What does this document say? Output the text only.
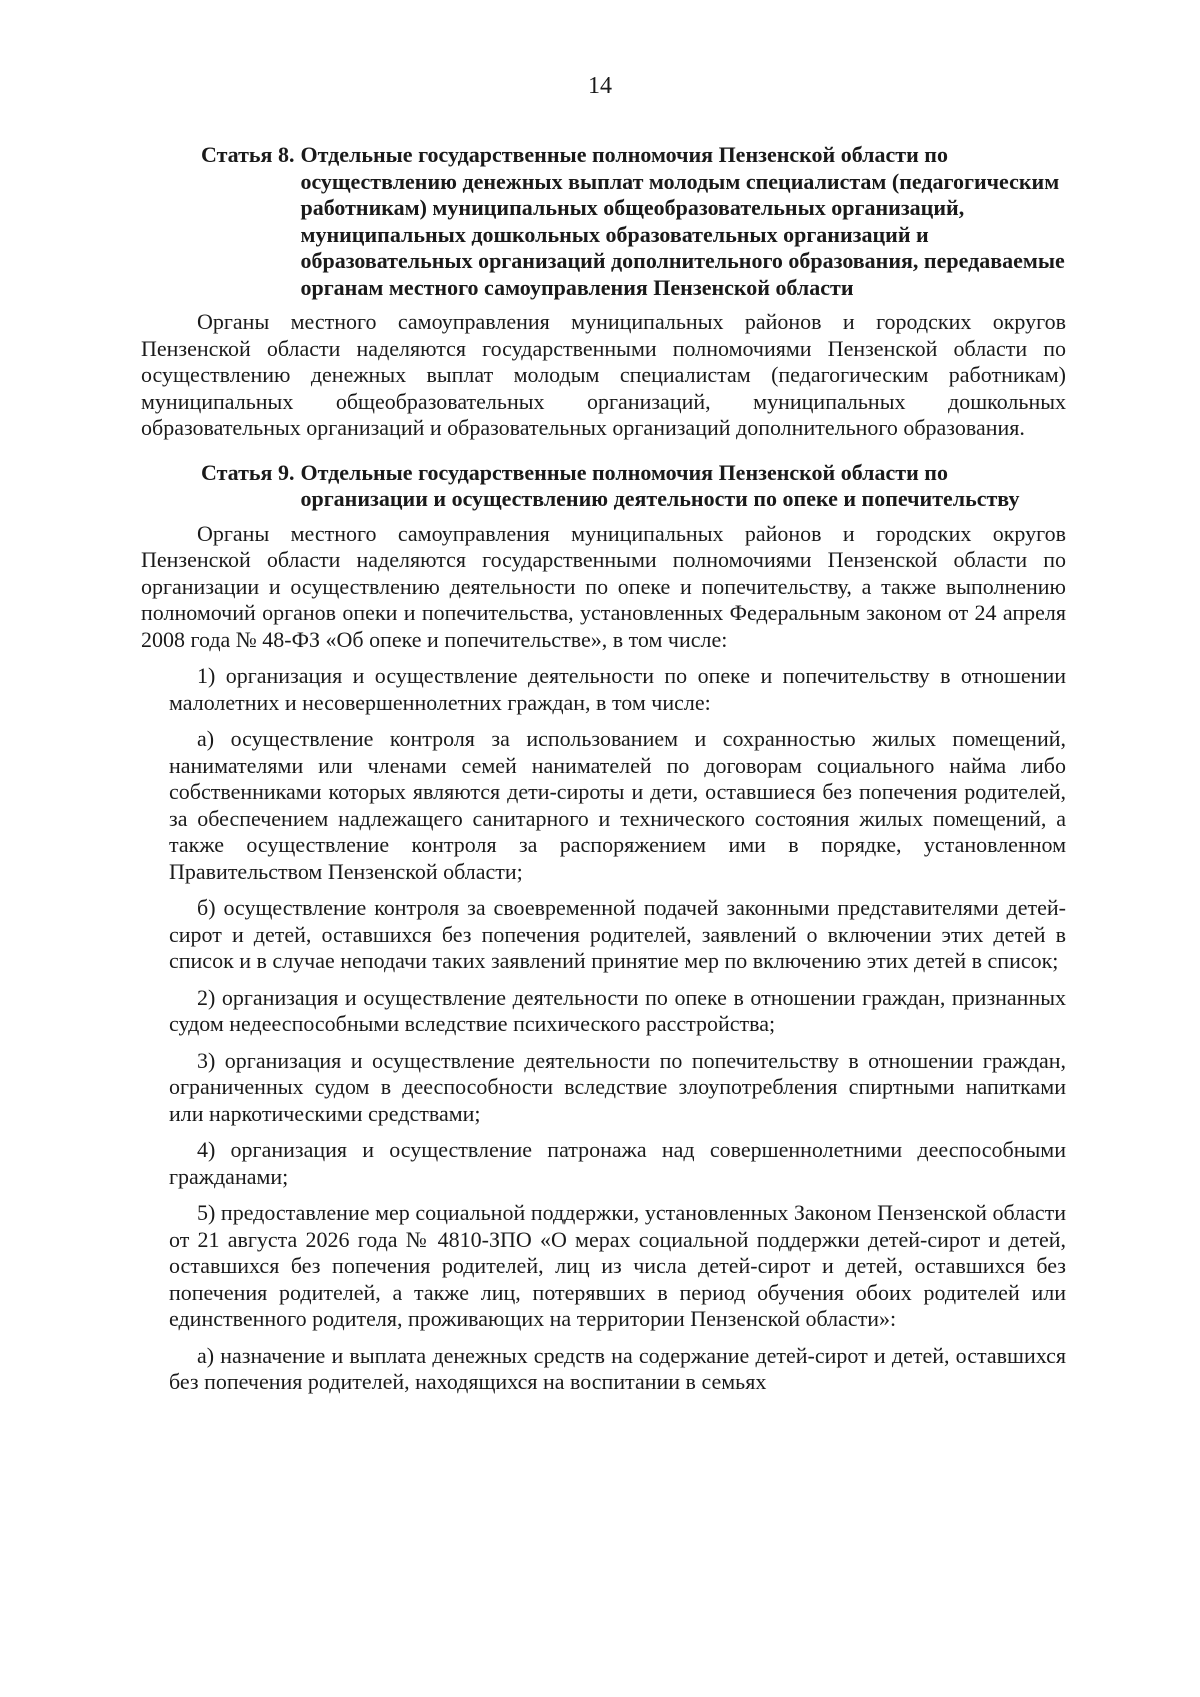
14
Статья 8. Отдельные государственные полномочия Пензенской области по осуществлению денежных выплат молодым специалистам (педагогическим работникам) муниципальных общеобразовательных организаций, муниципальных дошкольных образовательных организаций и образовательных организаций дополнительного образования, передаваемые органам местного самоуправления Пензенской области

Органы местного самоуправления муниципальных районов и городских округов Пензенской области наделяются государственными полномочиями Пензенской области по осуществлению денежных выплат молодым специалистам (педагогическим работникам) муниципальных общеобразовательных организаций, муниципальных дошкольных образовательных организаций и образовательных организаций дополнительного образования.

Статья 9. Отдельные государственные полномочия Пензенской области по организации и осуществлению деятельности по опеке и попечительству

Органы местного самоуправления муниципальных районов и городских округов Пензенской области наделяются государственными полномочиями Пензенской области по организации и осуществлению деятельности по опеке и попечительству, а также выполнению полномочий органов опеки и попечительства, установленных Федеральным законом от 24 апреля 2008 года № 48-ФЗ «Об опеке и попечительстве», в том числе:

1) организация и осуществление деятельности по опеке и попечительству в отношении малолетних и несовершеннолетних граждан, в том числе:

а) осуществление контроля за использованием и сохранностью жилых помещений, нанимателями или членами семей нанимателей по договорам социального найма либо собственниками которых являются дети-сироты и дети, оставшиеся без попечения родителей, за обеспечением надлежащего санитарного и технического состояния жилых помещений, а также осуществление контроля за распоряжением ими в порядке, установленном Правительством Пензенской области;

б) осуществление контроля за своевременной подачей законными представителями детей-сирот и детей, оставшихся без попечения родителей, заявлений о включении этих детей в список и в случае неподачи таких заявлений принятие мер по включению этих детей в список;

2) организация и осуществление деятельности по опеке в отношении граждан, признанных судом недееспособными вследствие психического расстройства;

3) организация и осуществление деятельности по попечительству в отношении граждан, ограниченных судом в дееспособности вследствие злоупотребления спиртными напитками или наркотическими средствами;

4) организация и осуществление патронажа над совершеннолетними дееспособными гражданами;

5) предоставление мер социальной поддержки, установленных Законом Пензенской области от 21 августа 2026 года № 4810-ЗПО «О мерах социальной поддержки детей-сирот и детей, оставшихся без попечения родителей, лиц из числа детей-сирот и детей, оставшихся без попечения родителей, а также лиц, потерявших в период обучения обоих родителей или единственного родителя, проживающих на территории Пензенской области»:

а) назначение и выплата денежных средств на содержание детей-сирот и детей, оставшихся без попечения родителей, находящихся на воспитании в семьях
